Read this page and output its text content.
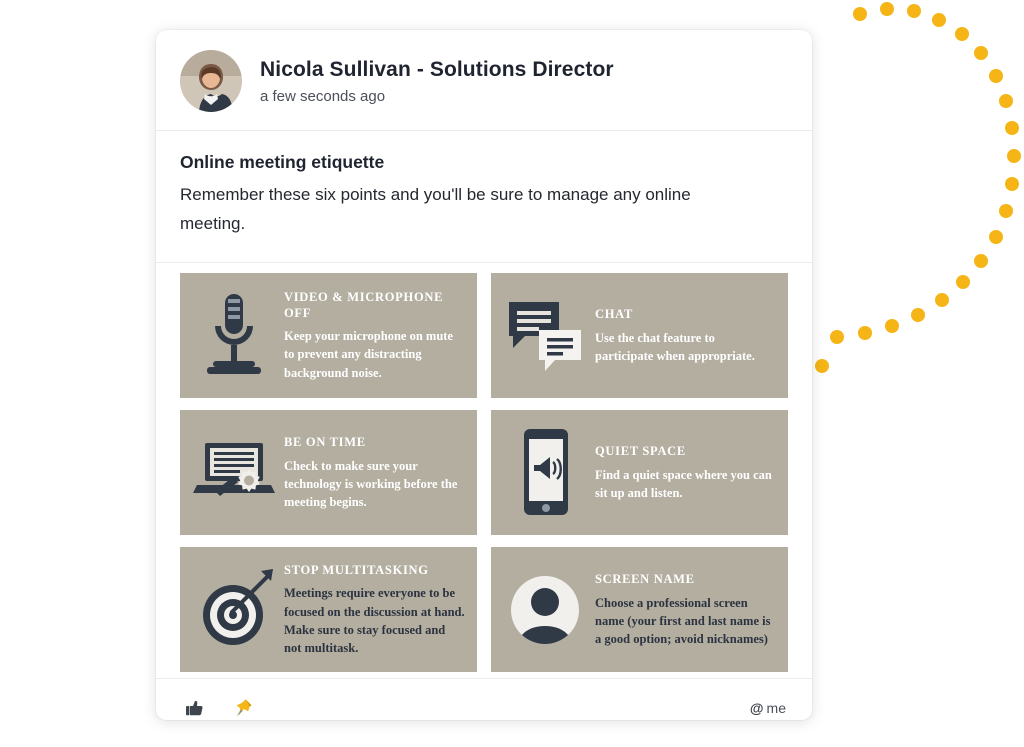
Nicola Sullivan - Solutions Director
a few seconds ago
Online meeting etiquette

Remember these six points and you'll be sure to manage any online meeting.

VIDEO & MICROPHONE OFF
Keep your microphone on mute to prevent any distracting background noise.
CHAT
Use the chat feature to participate when appropriate.
BE ON TIME
Check to make sure your technology is working before the meeting begins.
QUIET SPACE
Find a quiet space where you can sit up and listen.
STOP MULTITASKING
Meetings require everyone to be focused on the discussion at hand. Make sure to stay focused and not multitask.
SCREEN NAME
Choose a professional screen name (your first and last name is a good option; avoid nicknames)
@ me
